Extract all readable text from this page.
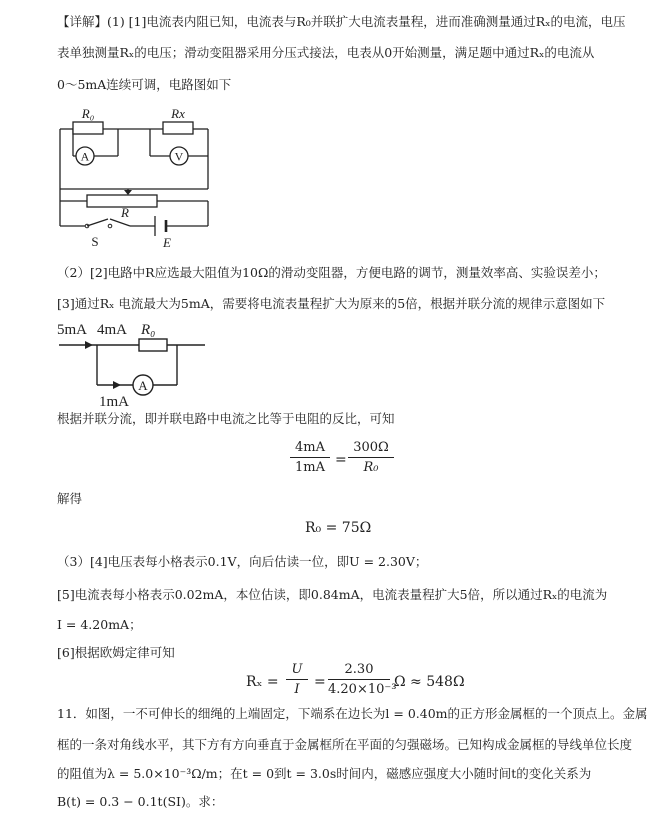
【详解】(1) [1]电流表内阻已知，电流表与R₀并联扩大电流表量程，进而准确测量通过Rₓ的电流，电压
表单独测量Rₓ的电压；滑动变阻器采用分压式接法，电表从0开始测量，满足题中通过Rₓ的电流从
0～5mA连续可调，电路图如下
A	V
R₀	Rx
R
S	E
（2）[2]电路中R应选最大阻值为10Ω的滑动变阻器，方便电路的调节，测量效率高、实验误差小；
[3]通过Rₓ 电流最大为5mA，需要将电流表量程扩大为原来的5倍，根据并联分流的规律示意图如下
A
5mA 4mA R₀
1mA
根据并联分流，即并联电路中电流之比等于电阻的反比，可知
$\frac{4mA}{1mA} = \frac{300\Omega}{\text{R₀}}$
解得
R₀ = 75Ω
（3）[4]电压表每小格表示0.1V，向后估读一位，即U = 2.30V；
[5]电流表每小格表示0.02mA，本位估读，即0.84mA，电流表量程扩大5倍，所以通过Rₓ的电流为
I = 4.20mA；
[6]根据欧姆定律可知
$R_x = \frac{U}{I} = \frac{2.30}{\text{4.20×10⁻³}}$ Ω ≈ 548Ω
11．如图，一不可伸长的细绳的上端固定，下端系在边长为l = 0.40m的正方形金属框的一个顶点上。金属
框的一条对角线水平，其下方有方向垂直于金属框所在平面的匀强磁场。已知构成金属框的导线单位长度
的阻值为λ = 5.0×10⁻³Ω/m；在t = 0到t = 3.0s时间内，磁感应强度大小随时间t的变化关系为
B(t) = 0.3 − 0.1t(SI)。求：
